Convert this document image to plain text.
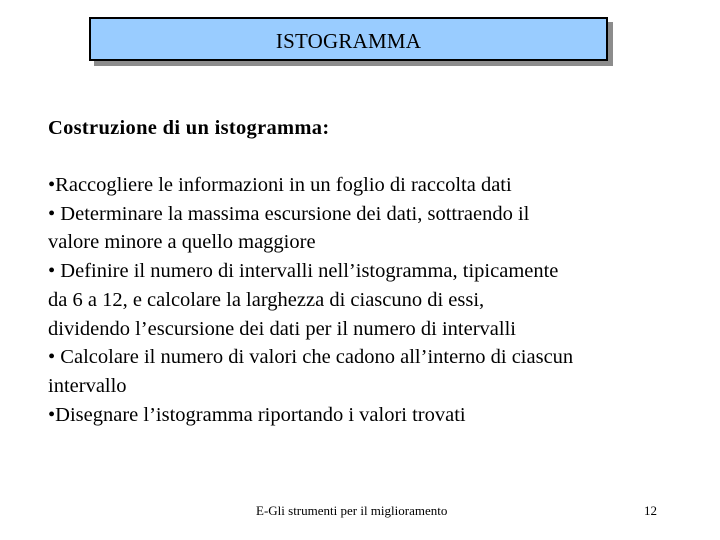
ISTOGRAMMA
Costruzione di un istogramma:
•Raccogliere le informazioni in un foglio di raccolta dati
• Determinare la massima escursione dei dati, sottraendo il
valore minore a quello maggiore
• Definire il numero di intervalli nell’istogramma, tipicamente
da 6 a 12, e calcolare la larghezza di ciascuno di essi,
dividendo l’escursione dei dati per il numero di intervalli
• Calcolare il numero di valori che cadono all’interno di ciascun
intervallo
•Disegnare l’istogramma riportando i valori trovati
E-Gli strumenti per il miglioramento	12
